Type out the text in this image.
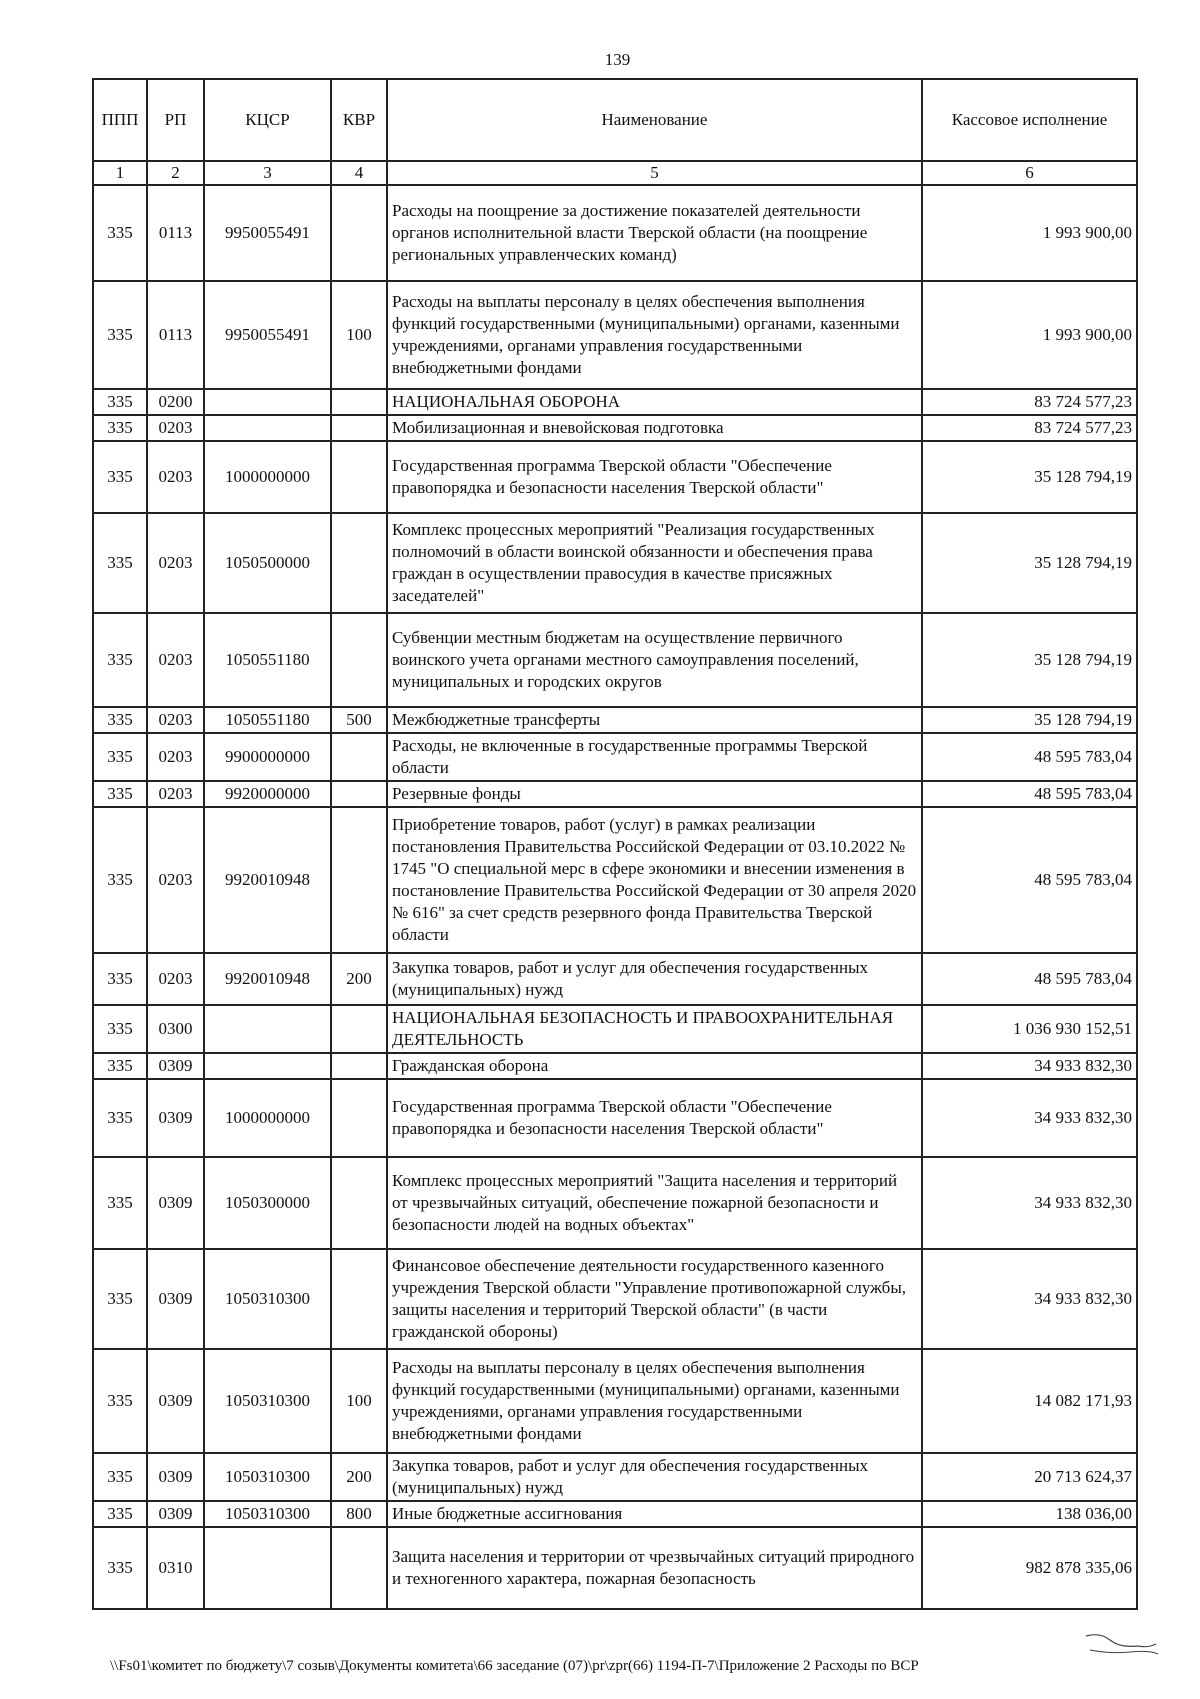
139
ППП	РП	КЦСР	КВР	Наименование	Кассовое исполнение
1	2	3	4	5	6
335	0113	9950055491		Расходы на поощрение за достижение показателей деятельности органов исполнительной власти Тверской области (на поощрение региональных управленческих команд)	1 993 900,00
335	0113	9950055491	100	Расходы на выплаты персоналу в целях обеспечения выполнения функций государственными (муниципальными) органами, казенными учреждениями, органами управления государственными внебюджетными фондами	1 993 900,00
335	0200			НАЦИОНАЛЬНАЯ ОБОРОНА	83 724 577,23
335	0203			Мобилизационная и вневойсковая подготовка	83 724 577,23
335	0203	1000000000		Государственная программа Тверской области "Обеспечение правопорядка и безопасности населения Тверской области"	35 128 794,19
335	0203	1050500000		Комплекс процессных мероприятий "Реализация государственных полномочий в области воинской обязанности и обеспечения права граждан в осуществлении правосудия в качестве присяжных заседателей"	35 128 794,19
335	0203	1050551180		Субвенции местным бюджетам на осуществление первичного воинского учета органами местного самоуправления поселений, муниципальных и городских округов	35 128 794,19
335	0203	1050551180	500	Межбюджетные трансферты	35 128 794,19
335	0203	9900000000		Расходы, не включенные в государственные программы Тверской области	48 595 783,04
335	0203	9920000000		Резервные фонды	48 595 783,04
335	0203	9920010948		Приобретение товаров, работ (услуг) в рамках реализации постановления Правительства Российской Федерации от 03.10.2022 № 1745 "О специальной мерс в сфере экономики и внесении изменения в постановление Правительства Российской Федерации от 30 апреля 2020 № 616" за счет средств резервного фонда Правительства Тверской области	48 595 783,04
335	0203	9920010948	200	Закупка товаров, работ и услуг для обеспечения государственных (муниципальных) нужд	48 595 783,04
335	0300			НАЦИОНАЛЬНАЯ БЕЗОПАСНОСТЬ И ПРАВООХРАНИТЕЛЬНАЯ ДЕЯТЕЛЬНОСТЬ	1 036 930 152,51
335	0309			Гражданская оборона	34 933 832,30
335	0309	1000000000		Государственная программа Тверской области "Обеспечение правопорядка и безопасности населения Тверской области"	34 933 832,30
335	0309	1050300000		Комплекс процессных мероприятий "Защита населения и территорий от чрезвычайных ситуаций, обеспечение пожарной безопасности и безопасности людей на водных объектах"	34 933 832,30
335	0309	1050310300		Финансовое обеспечение деятельности государственного казенного учреждения Тверской области "Управление противопожарной службы, защиты населения и территорий Тверской области" (в части гражданской обороны)	34 933 832,30
335	0309	1050310300	100	Расходы на выплаты персоналу в целях обеспечения выполнения функций государственными (муниципальными) органами, казенными учреждениями, органами управления государственными внебюджетными фондами	14 082 171,93
335	0309	1050310300	200	Закупка товаров, работ и услуг для обеспечения государственных (муниципальных) нужд	20 713 624,37
335	0309	1050310300	800	Иные бюджетные ассигнования	138 036,00
335	0310			Защита населения и территории от чрезвычайных ситуаций природного и техногенного характера, пожарная безопасность	982 878 335,06
\\Fs01\комитет по бюджету\7 созыв\Документы комитета\66 заседание (07)\pr\zpr(66) 1194-П-7\Приложение 2 Расходы по ВСР
